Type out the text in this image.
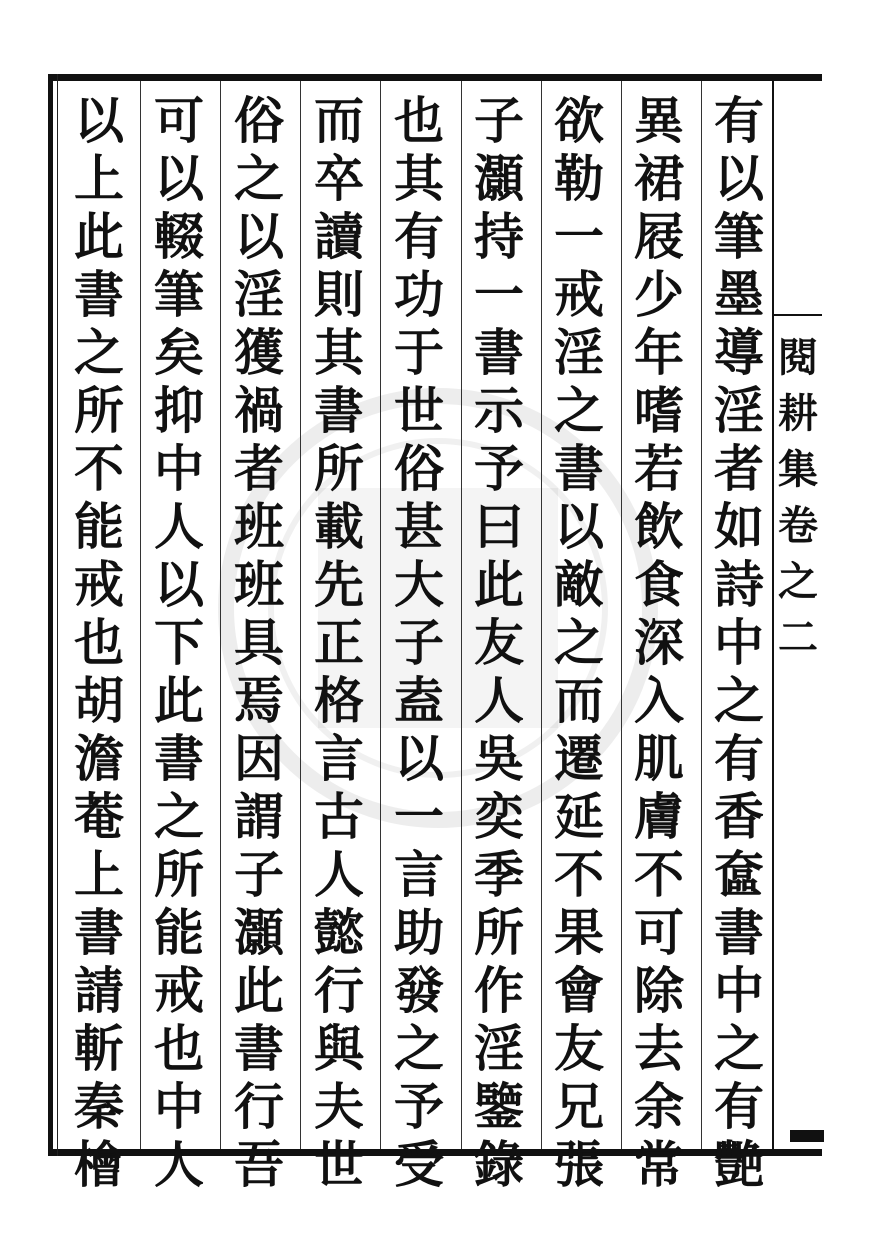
有
以
筆
墨
導
淫
者
如
詩
中
之
有
香
奩
書
中
之
有
艷
異
裙
屐
少
年
嗜
若
飲
食
深
入
肌
膚
不
可
除
去
余
常
欲
勒
一
戒
淫
之
書
以
敵
之
而
遷
延
不
果
會
友
兄
張
子
灝
持
一
書
示
予
曰
此
友
人
吳
奕
季
所
作
淫
鑒
錄
也
其
有
功
于
世
俗
甚
大
子
盍
以
一
言
助
發
之
予
受
而
卒
讀
則
其
書
所
載
先
正
格
言
古
人
懿
行
與
夫
世
俗
之
以
淫
獲
禍
者
班
班
具
焉
因
謂
子
灝
此
書
行
吾
可
以
輟
筆
矣
抑
中
人
以
下
此
書
之
所
能
戒
也
中
人
以
上
此
書
之
所
不
能
戒
也
胡
澹
菴
上
書
請
斬
秦
檜
閱
耕
集
卷
之
二
